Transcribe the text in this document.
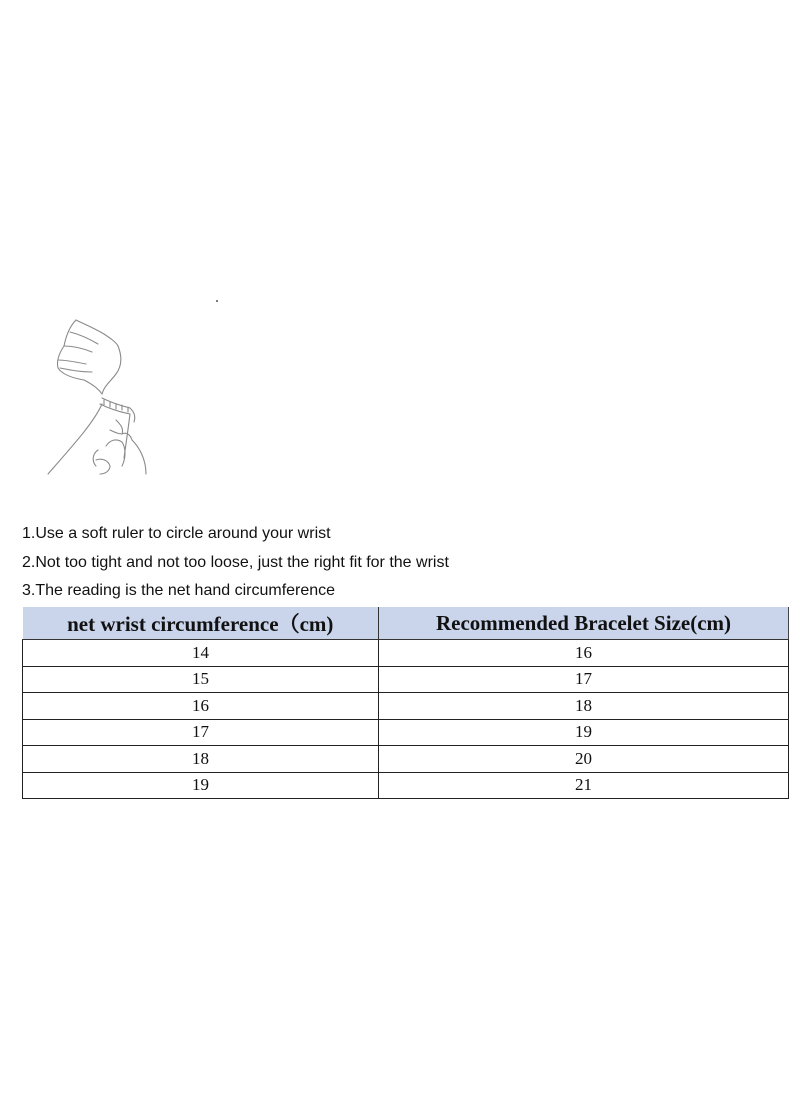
1.Use a soft ruler to circle around your wrist
2.Not too tight and not too loose, just the right fit for the wrist
3.The reading is the net hand circumference
net wrist circumference（cm)	Recommended Bracelet Size(cm)
14	16
15	17
16	18
17	19
18	20
19	21
